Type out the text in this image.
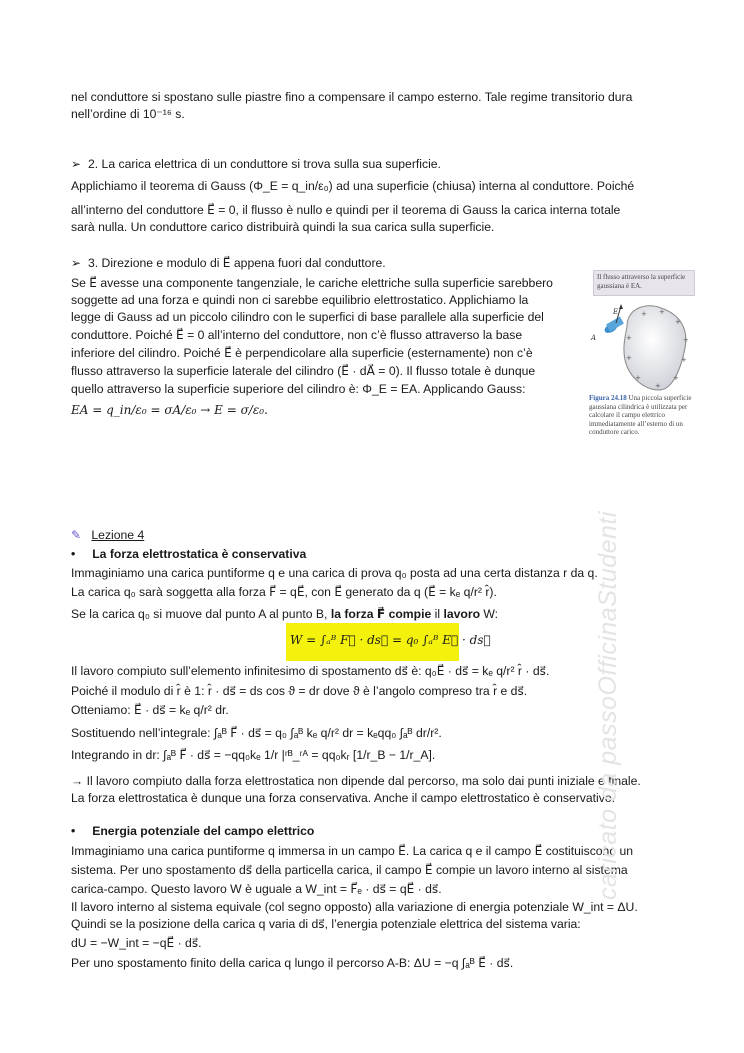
nel conduttore si spostano sulle piastre fino a compensare il campo esterno. Tale regime transitorio dura
nell’ordine di 10⁻¹⁶ s.
➢ 2. La carica elettrica di un conduttore si trova sulla sua superficie.
Applichiamo il teorema di Gauss (Φ_E = q_in/ε₀) ad una superficie (chiusa) interna al conduttore. Poiché
all’interno del conduttore E⃗ = 0, il flusso è nullo e quindi per il teorema di Gauss la carica interna totale
sarà nulla. Un conduttore carico distribuirà quindi la sua carica sulla superficie.
➢ 3. Direzione e modulo di E⃗ appena fuori dal conduttore.
Se E⃗ avesse una componente tangenziale, le cariche elettriche sulla superficie sarebbero
soggette ad una forza e quindi non ci sarebbe equilibrio elettrostatico. Applichiamo la
legge di Gauss ad un piccolo cilindro con le superfici di base parallele alla superficie del
conduttore. Poiché E⃗ = 0 all’interno del conduttore, non c’è flusso attraverso la base
inferiore del cilindro. Poiché E⃗ è perpendicolare alla superficie (esternamente) non c’è
flusso attraverso la superficie laterale del cilindro (E⃗ · dA⃗ = 0). Il flusso totale è dunque
quello attraverso la superficie superiore del cilindro è: Φ_E = EA. Applicando Gauss:
EA = q_in/ε₀ = σA/ε₀ → E = σ/ε₀.
Il flusso attraverso la superficie gaussiana è EA.
+ +
+
+
+
+
+
+
+
+
E
A
Figura 24.18 Una piccola superficie gaussiana cilindrica è utilizzata per calcolare il campo elettrico immediatamente all’esterno di un conduttore carico.
✎ Lezione 4
• La forza elettrostatica è conservativa
Immaginiamo una carica puntiforme q e una carica di prova q₀ posta ad una certa distanza r da q.
La carica q₀ sarà soggetta alla forza F⃗ = qE⃗, con E⃗ generato da q (E⃗ = kₑ q/r² r̂).
Se la carica q₀ si muove dal punto A al punto B, la forza F⃗ compie il lavoro W:
W = ∫ₐᴮ F⃗ · ds⃗ = q₀ ∫ₐᴮ E⃗ · ds⃗
Il lavoro compiuto sull’elemento infinitesimo di spostamento ds⃗ è: q₀E⃗ · ds⃗ = kₑ q/r² r̂ · ds⃗.
Poiché il modulo di r̂ è 1: r̂ · ds⃗ = ds cos ϑ = dr dove ϑ è l’angolo compreso tra r̂ e ds⃗.
Otteniamo: E⃗ · ds⃗ = kₑ q/r² dr.
Sostituendo nell’integrale: ∫ₐᴮ F⃗ · ds⃗ = q₀ ∫ₐᴮ kₑ q/r² dr = kₑqq₀ ∫ₐᴮ dr/r².
Integrando in dr: ∫ₐᴮ F⃗ · ds⃗ = −qq₀kₑ 1/r |ʳᴮ_ʳᴬ = qq₀kᵣ [1/r_B − 1/r_A].
→ Il lavoro compiuto dalla forza elettrostatica non dipende dal percorso, ma solo dai punti iniziale e finale.
La forza elettrostatica è dunque una forza conservativa. Anche il campo elettrostatico è conservativo.
• Energia potenziale del campo elettrico
Immaginiamo una carica puntiforme q immersa in un campo E⃗. La carica q e il campo E⃗ costituiscono un
sistema. Per uno spostamento ds⃗ della particella carica, il campo E⃗ compie un lavoro interno al sistema
carica-campo. Questo lavoro W è uguale a W_int = F⃗ₑ · ds⃗ = qE⃗ · ds⃗.
Il lavoro interno al sistema equivale (col segno opposto) alla variazione di energia potenziale W_int = ΔU.
Quindi se la posizione della carica q varia di ds⃗, l’energia potenziale elettrica del sistema varia:
dU = −W_int = −qE⃗ · ds⃗.
Per uno spostamento finito della carica q lungo il percorso A-B: ΔU = −q ∫ₐᴮ E⃗ · ds⃗.
caricato da passoOfficinaStudenti
